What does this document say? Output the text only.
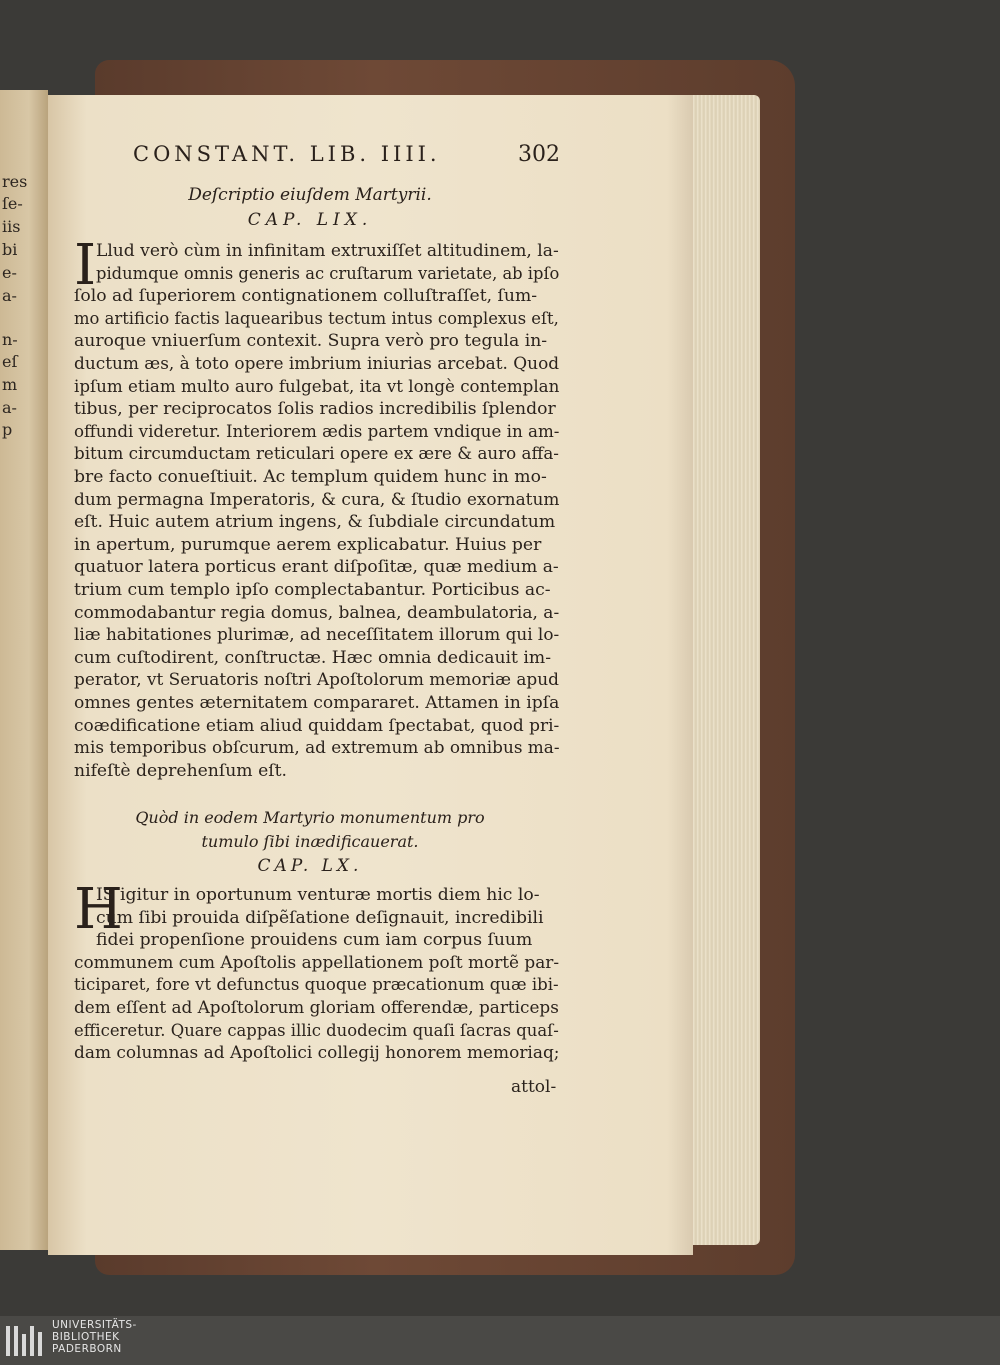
res
ſe-
iis
bi
e-
a-
n-
eſ
m
a-
p
CONSTANT. LIB. IIII.	302
Deſcriptio eiuſdem Martyrii.
CAP. LIX.
I Llud verò cùm in infinitam extruxiſſet altitudinem, la-
pidumque omnis generis ac cruſtarum varietate, ab ipſo
ſolo ad ſuperiorem contignationem colluſtraſſet, ſum-
mo artificio factis laquearibus tectum intus complexus eſt,
auroque vniuerſum contexit. Supra verò pro tegula in-
ductum æs, à toto opere imbrium iniurias arcebat. Quod
ipſum etiam multo auro fulgebat, ita vt longè contemplan
tibus, per reciprocatos ſolis radios incredibilis ſplendor
offundi videretur. Interiorem ædis partem vndique in am-
bitum circumductam reticulari opere ex ære & auro affa-
bre facto conueſtiuit. Ac templum quidem hunc in mo-
dum permagna Imperatoris, & cura, & ſtudio exornatum
eſt. Huic autem atrium ingens, & ſubdiale circundatum
in apertum, purumque aerem explicabatur. Huius per
quatuor latera porticus erant diſpoſitæ, quæ medium a-
trium cum templo ipſo complectabantur. Porticibus ac-
commodabantur regia domus, balnea, deambulatoria, a-
liæ habitationes plurimæ, ad neceſſitatem illorum qui lo-
cum cuſtodirent, conſtructæ. Hæc omnia dedicauit im-
perator, vt Seruatoris noſtri Apoſtolorum memoriæ apud
omnes gentes æternitatem compararet. Attamen in ipſa
coædificatione etiam aliud quiddam ſpectabat, quod pri-
mis temporibus obſcurum, ad extremum ab omnibus ma-
nifeſtè deprehenſum eſt.
Quòd in eodem Martyrio monumentum pro
tumulo ſibi inædificauerat.
CAP. LX.
H
IS igitur in oportunum venturæ mortis diem hic lo-
cum ſibi prouida diſpẽſatione deſignauit, incredibili
fidei propenſione prouidens cum iam corpus ſuum
communem cum Apoſtolis appellationem poſt mortẽ par-
ticiparet, fore vt defunctus quoque præcationum quæ ibi-
dem eſſent ad Apoſtolorum gloriam offerendæ, particeps
efficeretur. Quare cappas illic duodecim quaſi ſacras quaſ-
dam columnas ad Apoſtolici collegij honorem memoriaq;
attol-
UNIVERSITÄTS-
BIBLIOTHEK
PADERBORN
